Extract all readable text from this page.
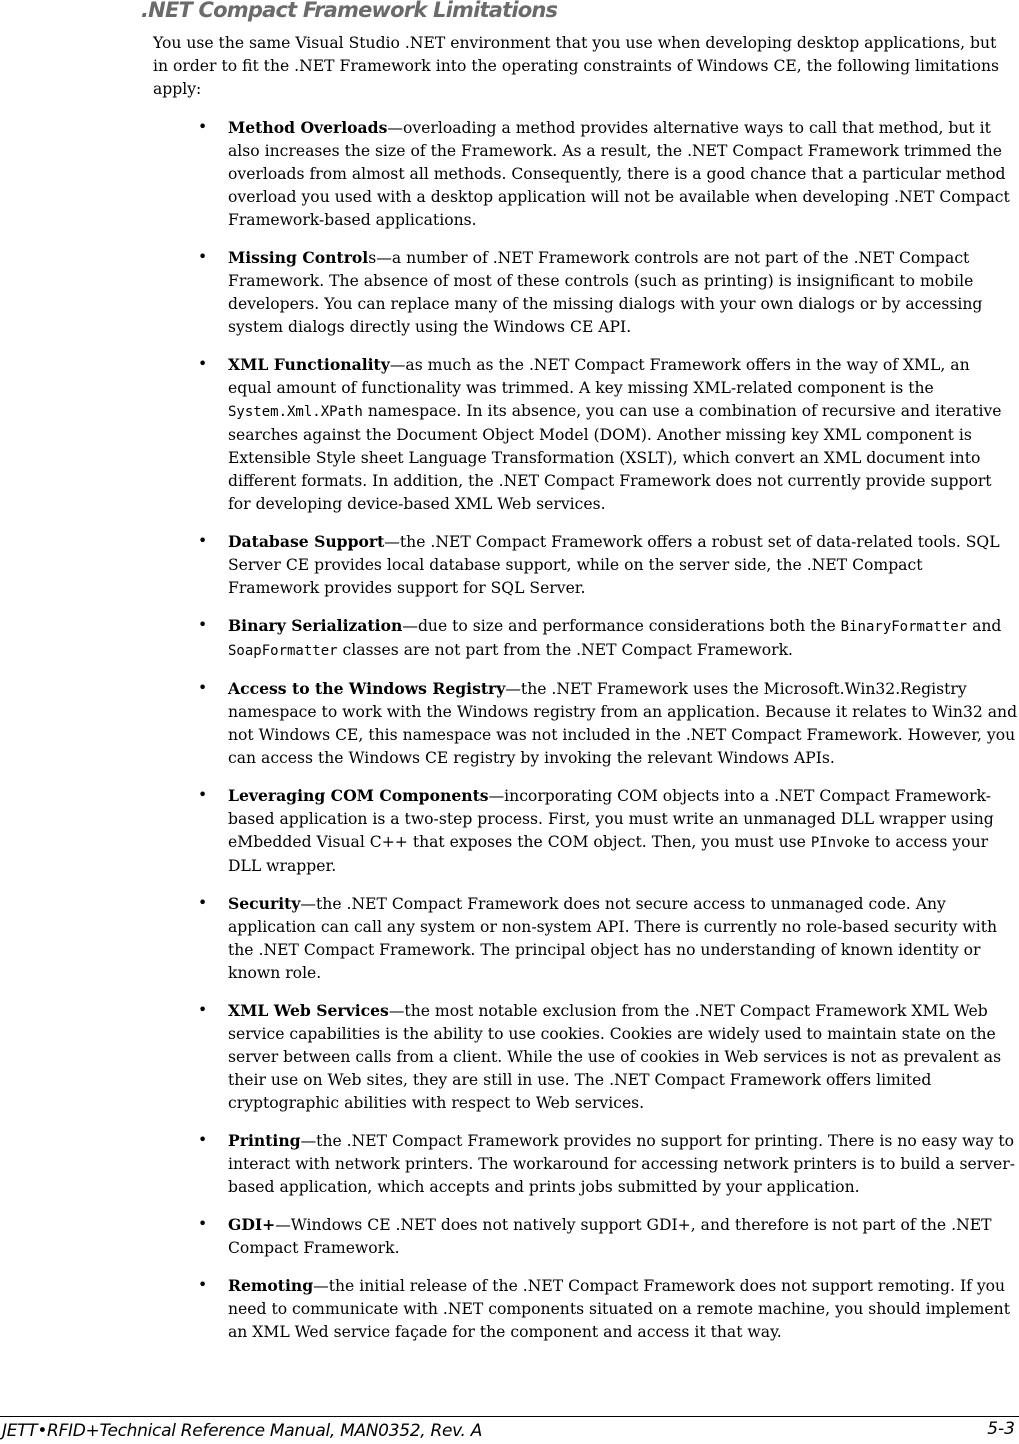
.NET Compact Framework Limitations

You use the same Visual Studio .NET environment that you use when developing desktop applications, but in order to fit the .NET Framework into the operating constraints of Windows CE, the following limitations apply:

• Method Overloads—overloading a method provides alternative ways to call that method, but it also increases the size of the Framework. As a result, the .NET Compact Framework trimmed the overloads from almost all methods. Consequently, there is a good chance that a particular method overload you used with a desktop application will not be available when developing .NET Compact Framework-based applications.
• Missing Controls—a number of .NET Framework controls are not part of the .NET Compact Framework. The absence of most of these controls (such as printing) is insignificant to mobile developers. You can replace many of the missing dialogs with your own dialogs or by accessing system dialogs directly using the Windows CE API.
• XML Functionality—as much as the .NET Compact Framework offers in the way of XML, an equal amount of functionality was trimmed. A key missing XML-related component is the System.Xml.XPath namespace. In its absence, you can use a combination of recursive and iterative searches against the Document Object Model (DOM). Another missing key XML component is Extensible Style sheet Language Transformation (XSLT), which convert an XML document into different formats. In addition, the .NET Compact Framework does not currently provide support for developing device-based XML Web services.
• Database Support—the .NET Compact Framework offers a robust set of data-related tools. SQL Server CE provides local database support, while on the server side, the .NET Compact Framework provides support for SQL Server.
• Binary Serialization—due to size and performance considerations both the BinaryFormatter and SoapFormatter classes are not part from the .NET Compact Framework.
• Access to the Windows Registry—the .NET Framework uses the Microsoft.Win32.Registry namespace to work with the Windows registry from an application. Because it relates to Win32 and not Windows CE, this namespace was not included in the .NET Compact Framework. However, you can access the Windows CE registry by invoking the relevant Windows APIs.
• Leveraging COM Components—incorporating COM objects into a .NET Compact Framework-based application is a two-step process. First, you must write an unmanaged DLL wrapper using eMbedded Visual C++ that exposes the COM object. Then, you must use PInvoke to access your DLL wrapper.
• Security—the .NET Compact Framework does not secure access to unmanaged code. Any application can call any system or non-system API. There is currently no role-based security with the .NET Compact Framework. The principal object has no understanding of known identity or known role.
• XML Web Services—the most notable exclusion from the .NET Compact Framework XML Web service capabilities is the ability to use cookies. Cookies are widely used to maintain state on the server between calls from a client. While the use of cookies in Web services is not as prevalent as their use on Web sites, they are still in use. The .NET Compact Framework offers limited cryptographic abilities with respect to Web services.
• Printing—the .NET Compact Framework provides no support for printing. There is no easy way to interact with network printers. The workaround for accessing network printers is to build a server-based application, which accepts and prints jobs submitted by your application.
• GDI+—Windows CE .NET does not natively support GDI+, and therefore is not part of the .NET Compact Framework.
• Remoting—the initial release of the .NET Compact Framework does not support remoting. If you need to communicate with .NET components situated on a remote machine, you should implement an XML Wed service façade for the component and access it that way.
JETT•RFID+Technical Reference Manual, MAN0352, Rev. A	5-3
